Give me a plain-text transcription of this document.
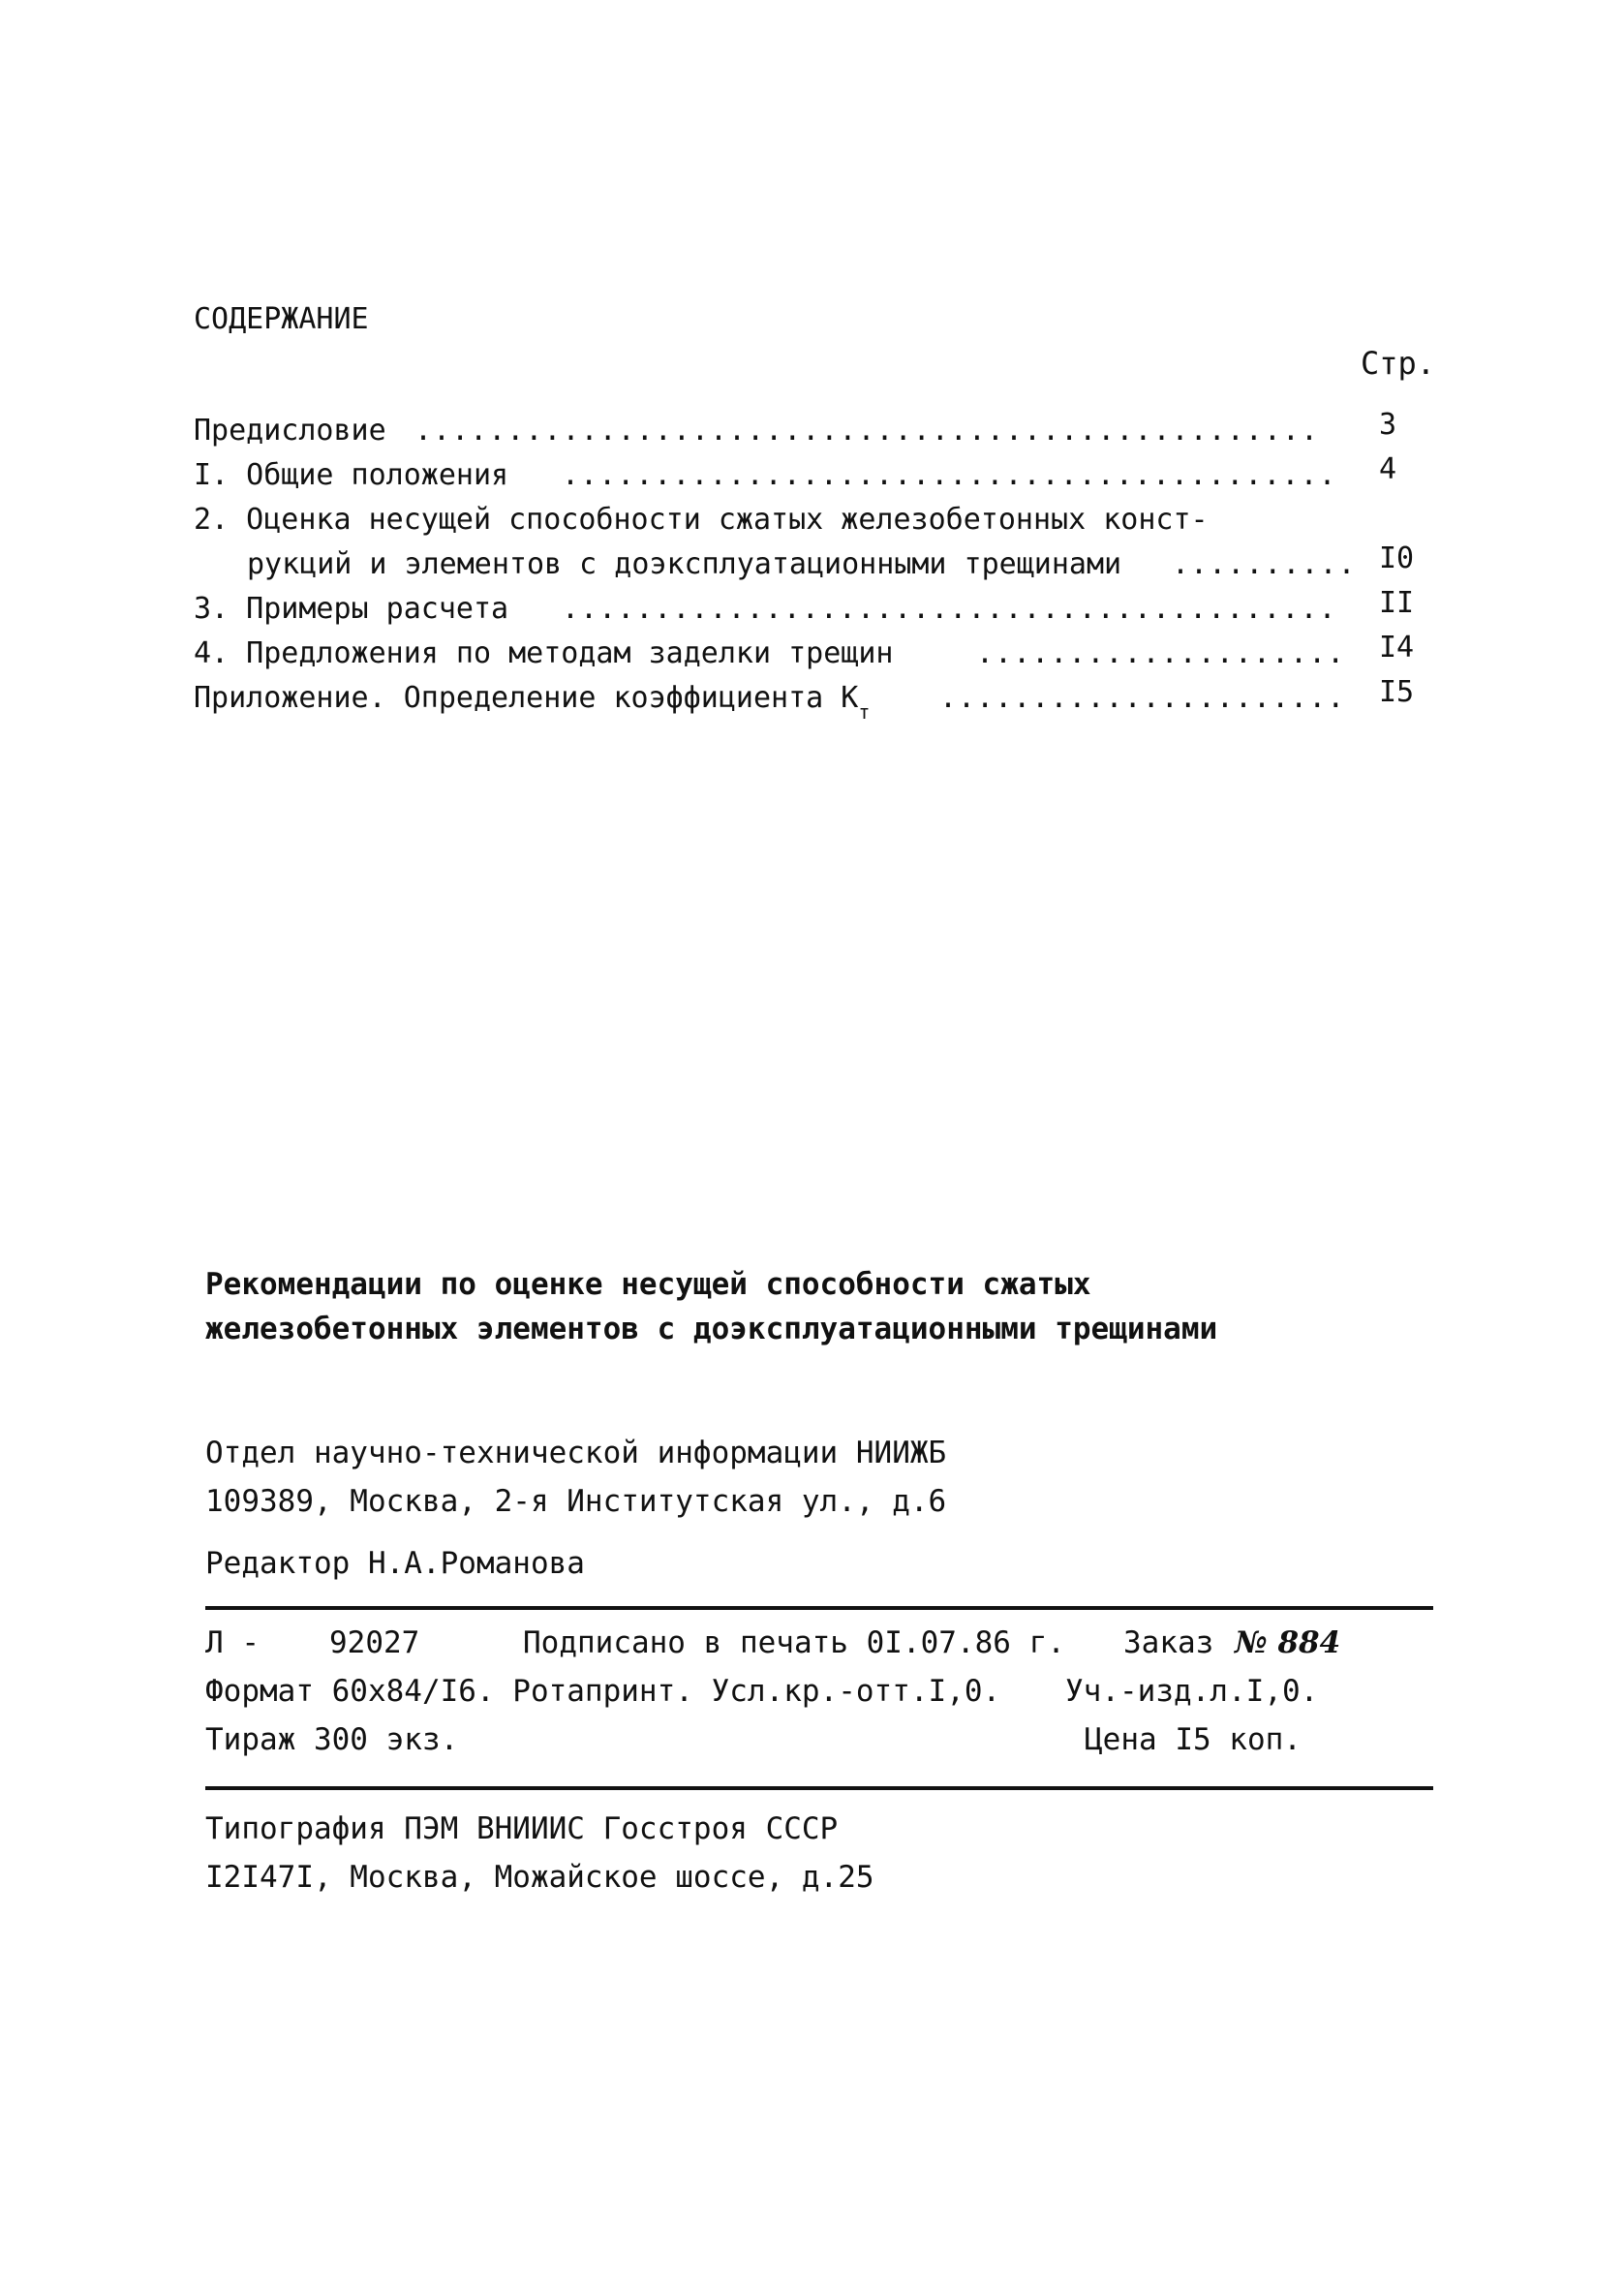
СОДЕРЖАНИЕ
Стр.
Предисловие .................................................	3
I. Общие положения ..........................................	4
2. Оценка несущей способности сжатых железобетонных конст-
рукций и элементов с доэксплуатационными трещинами .......... I0
3. Примеры расчета ..........................................	II
4. Предложения по методам заделки трещин	....................	I4
Приложение. Определение коэффициента $К_т$ ......................	I5
Рекомендации по оценке несущей способности сжатых
железобетонных элементов с доэксплуатационными трещинами
Отдел научно-технической информации НИИЖБ
109389, Москва, 2-я Институтская ул., д.6
Редактор Н.А.Романова
Л - 92027	Подписано в печать 0I.07.86 г. Заказ № 884
Формат 60х84/I6. Ротапринт. Усл.кр.-отт.I,0. Уч.-изд.л.I,0.
Тираж 300 экз.	Цена I5 коп.
Типография ПЭМ ВНИИИС Госстроя СССР
I2I47I, Москва, Можайское шоссе, д.25
